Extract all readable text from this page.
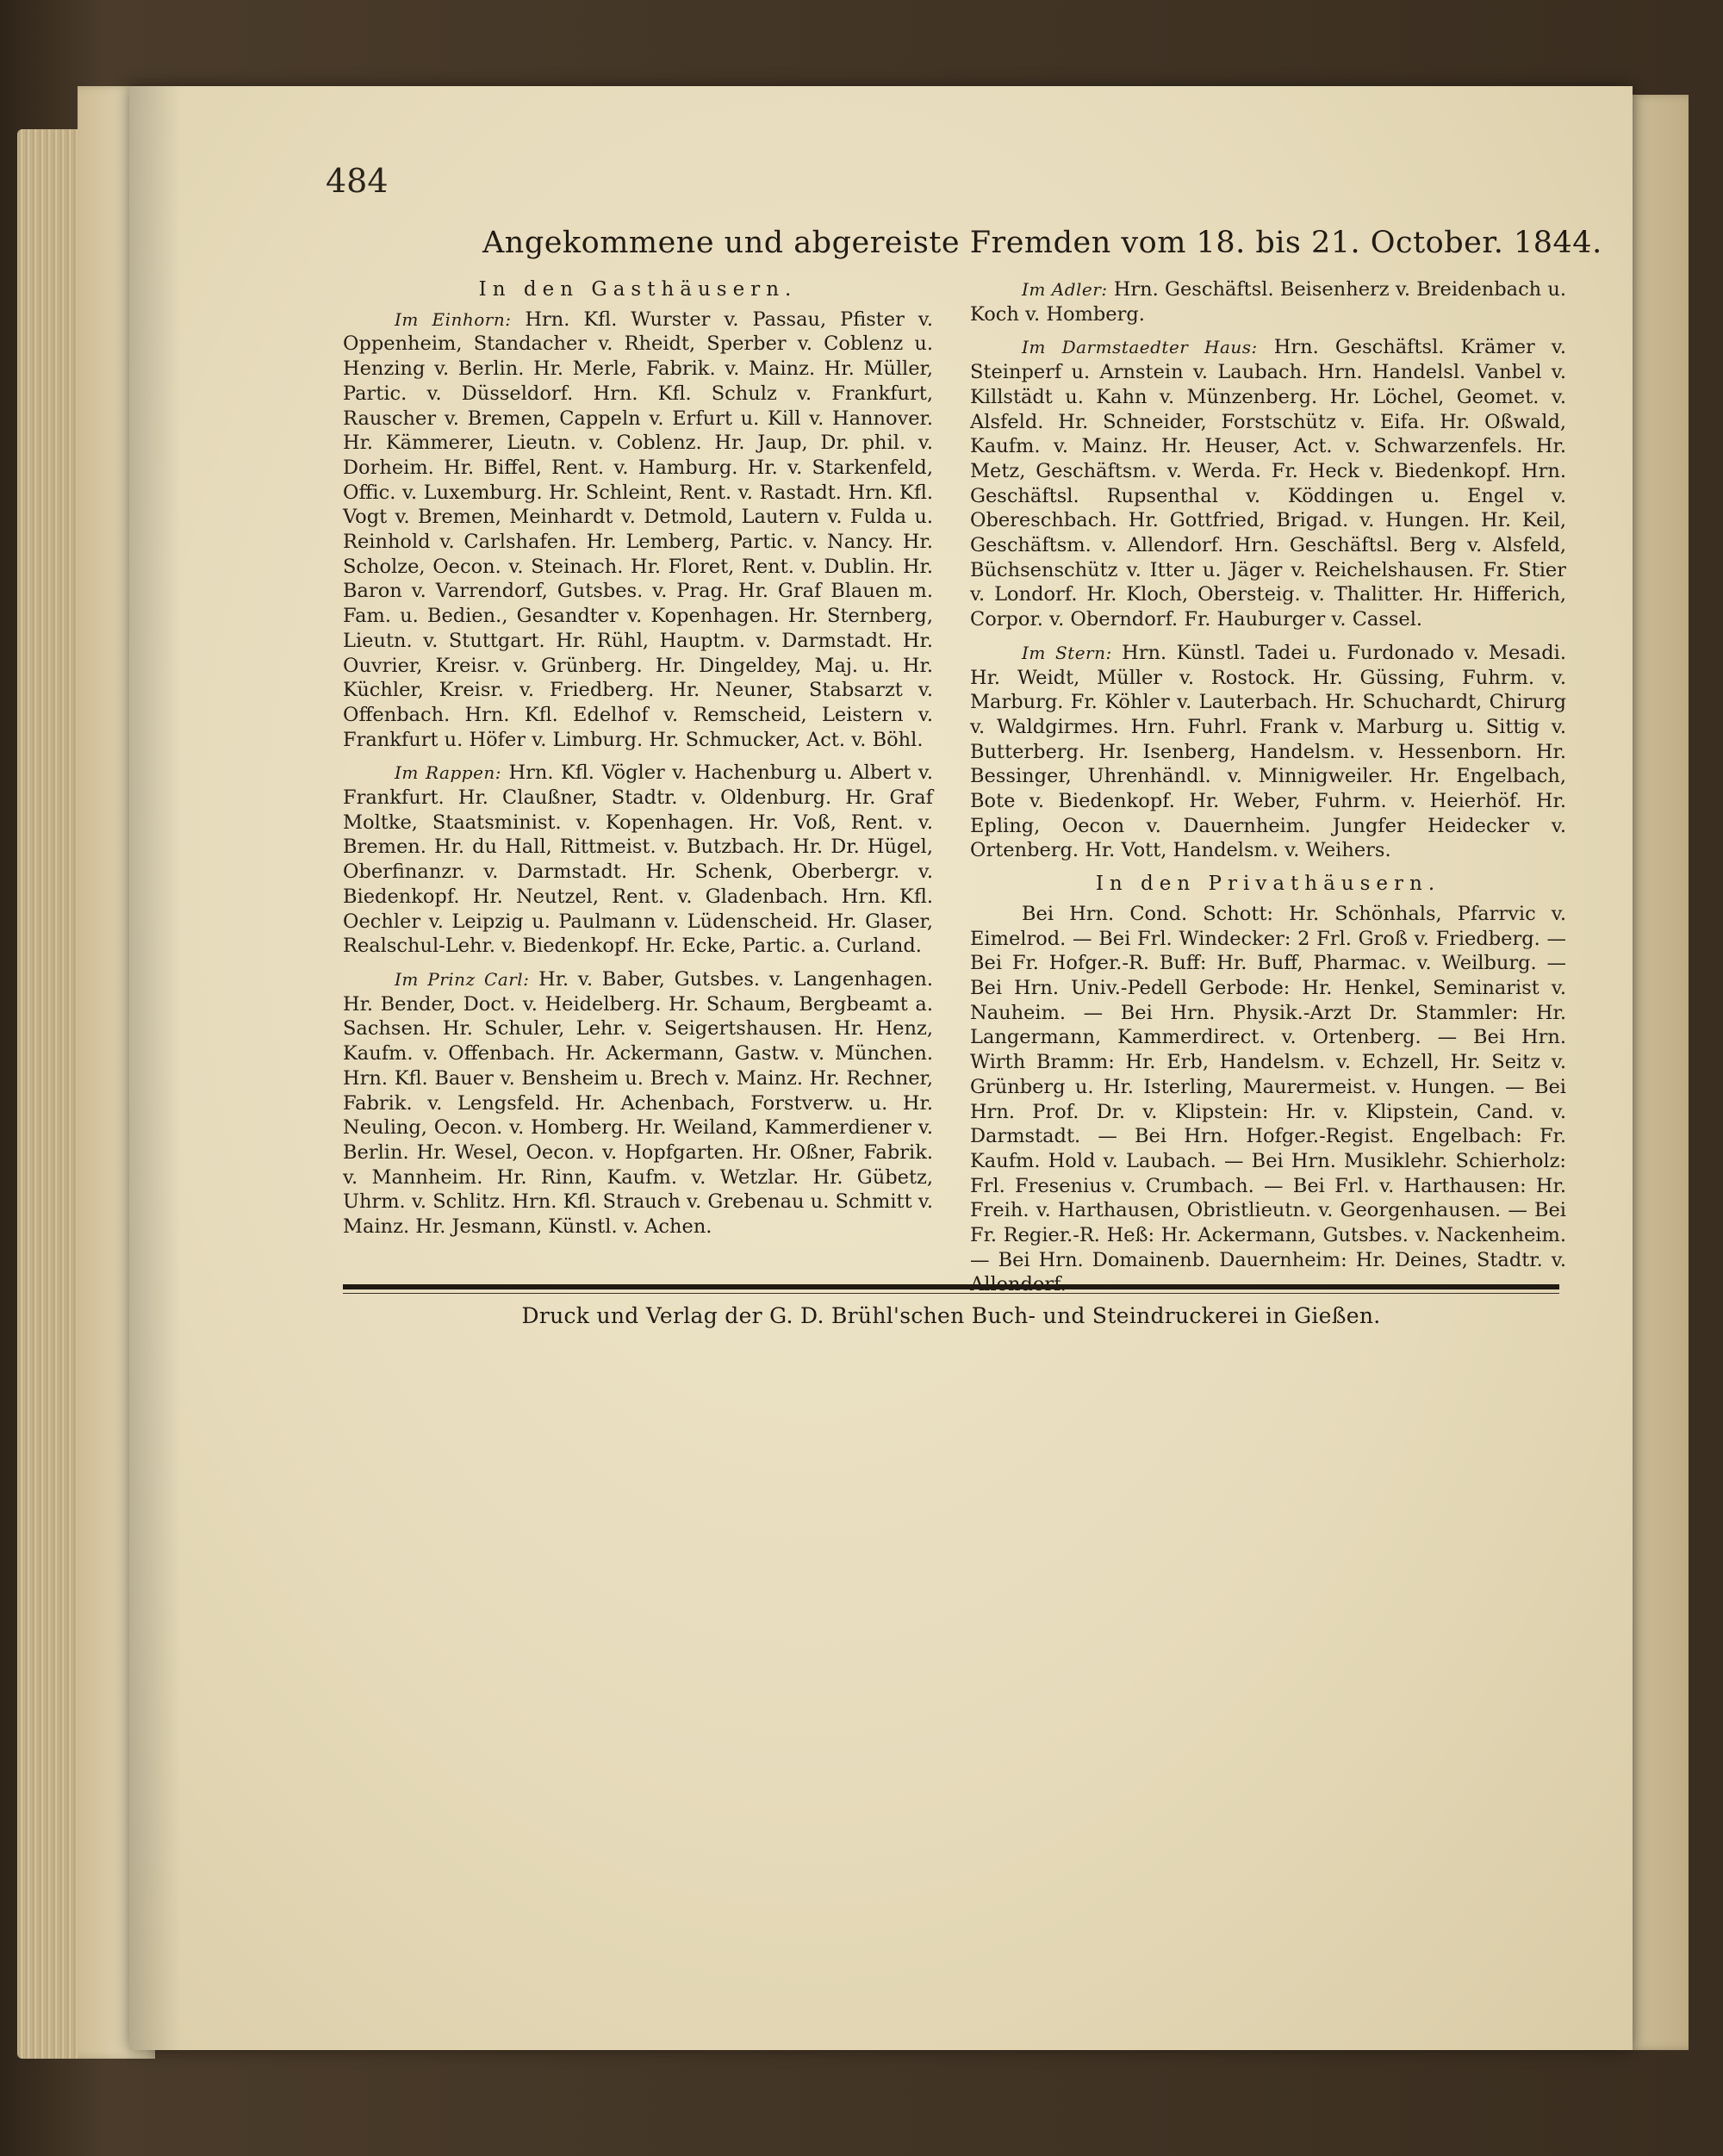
484
Angekommene und abgereiste Fremden vom 18. bis 21. October. 1844.
In den Gasthäusern.

Im Einhorn: Hrn. Kfl. Wurster v. Passau, Pfister v. Oppenheim, Standacher v. Rheidt, Sperber v. Coblenz u. Henzing v. Berlin. Hr. Merle, Fabrik. v. Mainz. Hr. Müller, Partic. v. Düsseldorf. Hrn. Kfl. Schulz v. Frankfurt, Rauscher v. Bremen, Cappeln v. Erfurt u. Kill v. Hannover. Hr. Kämmerer, Lieutn. v. Coblenz. Hr. Jaup, Dr. phil. v. Dorheim. Hr. Biffel, Rent. v. Hamburg. Hr. v. Starkenfeld, Offic. v. Luxemburg. Hr. Schleint, Rent. v. Rastadt. Hrn. Kfl. Vogt v. Bremen, Meinhardt v. Detmold, Lautern v. Fulda u. Reinhold v. Carlshafen. Hr. Lemberg, Partic. v. Nancy. Hr. Scholze, Oecon. v. Steinach. Hr. Floret, Rent. v. Dublin. Hr. Baron v. Varrendorf, Gutsbes. v. Prag. Hr. Graf Blauen m. Fam. u. Bedien., Gesandter v. Kopenhagen. Hr. Sternberg, Lieutn. v. Stuttgart. Hr. Rühl, Hauptm. v. Darmstadt. Hr. Ouvrier, Kreisr. v. Grünberg. Hr. Dingeldey, Maj. u. Hr. Küchler, Kreisr. v. Friedberg. Hr. Neuner, Stabsarzt v. Offenbach. Hrn. Kfl. Edelhof v. Remscheid, Leistern v. Frankfurt u. Höfer v. Limburg. Hr. Schmucker, Act. v. Böhl.

Im Rappen: Hrn. Kfl. Vögler v. Hachenburg u. Albert v. Frankfurt. Hr. Claußner, Stadtr. v. Oldenburg. Hr. Graf Moltke, Staatsminist. v. Kopenhagen. Hr. Voß, Rent. v. Bremen. Hr. du Hall, Rittmeist. v. Butzbach. Hr. Dr. Hügel, Oberfinanzr. v. Darmstadt. Hr. Schenk, Oberbergr. v. Biedenkopf. Hr. Neutzel, Rent. v. Gladenbach. Hrn. Kfl. Oechler v. Leipzig u. Paulmann v. Lüdenscheid. Hr. Glaser, Realschul-Lehr. v. Biedenkopf. Hr. Ecke, Partic. a. Curland.

Im Prinz Carl: Hr. v. Baber, Gutsbes. v. Langenhagen. Hr. Bender, Doct. v. Heidelberg. Hr. Schaum, Bergbeamt a. Sachsen. Hr. Schuler, Lehr. v. Seigertshausen. Hr. Henz, Kaufm. v. Offenbach. Hr. Ackermann, Gastw. v. München. Hrn. Kfl. Bauer v. Bensheim u. Brech v. Mainz. Hr. Rechner, Fabrik. v. Lengsfeld. Hr. Achenbach, Forstverw. u. Hr. Neuling, Oecon. v. Homberg. Hr. Weiland, Kammerdiener v. Berlin. Hr. Wesel, Oecon. v. Hopfgarten. Hr. Oßner, Fabrik. v. Mannheim. Hr. Rinn, Kaufm. v. Wetzlar. Hr. Gübetz, Uhrm. v. Schlitz. Hrn. Kfl. Strauch v. Grebenau u. Schmitt v. Mainz. Hr. Jesmann, Künstl. v. Achen.

Im Adler: Hrn. Geschäftsl. Beisenherz v. Breidenbach u. Koch v. Homberg.

Im Darmstaedter Haus: Hrn. Geschäftsl. Krämer v. Steinperf u. Arnstein v. Laubach. Hrn. Handelsl. Vanbel v. Killstädt u. Kahn v. Münzenberg. Hr. Löchel, Geomet. v. Alsfeld. Hr. Schneider, Forstschütz v. Eifa. Hr. Oßwald, Kaufm. v. Mainz. Hr. Heuser, Act. v. Schwarzenfels. Hr. Metz, Geschäftsm. v. Werda. Fr. Heck v. Biedenkopf. Hrn. Geschäftsl. Rupsenthal v. Köddingen u. Engel v. Obereschbach. Hr. Gottfried, Brigad. v. Hungen. Hr. Keil, Geschäftsm. v. Allendorf. Hrn. Geschäftsl. Berg v. Alsfeld, Büchsenschütz v. Itter u. Jäger v. Reichelshausen. Fr. Stier v. Londorf. Hr. Kloch, Obersteig. v. Thalitter. Hr. Hifferich, Corpor. v. Oberndorf. Fr. Hauburger v. Cassel.

Im Stern: Hrn. Künstl. Tadei u. Furdonado v. Mesadi. Hr. Weidt, Müller v. Rostock. Hr. Güssing, Fuhrm. v. Marburg. Fr. Köhler v. Lauterbach. Hr. Schuchardt, Chirurg v. Waldgirmes. Hrn. Fuhrl. Frank v. Marburg u. Sittig v. Butterberg. Hr. Isenberg, Handelsm. v. Hessenborn. Hr. Bessinger, Uhrenhändl. v. Minnigweiler. Hr. Engelbach, Bote v. Biedenkopf. Hr. Weber, Fuhrm. v. Heierhöf. Hr. Epling, Oecon v. Dauernheim. Jungfer Heidecker v. Ortenberg. Hr. Vott, Handelsm. v. Weihers.

In den Privathäusern.

Bei Hrn. Cond. Schott: Hr. Schönhals, Pfarrvic v. Eimelrod. — Bei Frl. Windecker: 2 Frl. Groß v. Friedberg. — Bei Fr. Hofger.-R. Buff: Hr. Buff, Pharmac. v. Weilburg. — Bei Hrn. Univ.-Pedell Gerbode: Hr. Henkel, Seminarist v. Nauheim. — Bei Hrn. Physik.-Arzt Dr. Stammler: Hr. Langermann, Kammerdirect. v. Ortenberg. — Bei Hrn. Wirth Bramm: Hr. Erb, Handelsm. v. Echzell, Hr. Seitz v. Grünberg u. Hr. Isterling, Maurermeist. v. Hungen. — Bei Hrn. Prof. Dr. v. Klipstein: Hr. v. Klipstein, Cand. v. Darmstadt. — Bei Hrn. Hofger.-Regist. Engelbach: Fr. Kaufm. Hold v. Laubach. — Bei Hrn. Musiklehr. Schierholz: Frl. Fresenius v. Crumbach. — Bei Frl. v. Harthausen: Hr. Freih. v. Harthausen, Obristlieutn. v. Georgenhausen. — Bei Fr. Regier.-R. Heß: Hr. Ackermann, Gutsbes. v. Nackenheim. — Bei Hrn. Domainenb. Dauernheim: Hr. Deines, Stadtr. v. Allendorf.

Druck und Verlag der G. D. Brühl'schen Buch- und Steindruckerei in Gießen.
